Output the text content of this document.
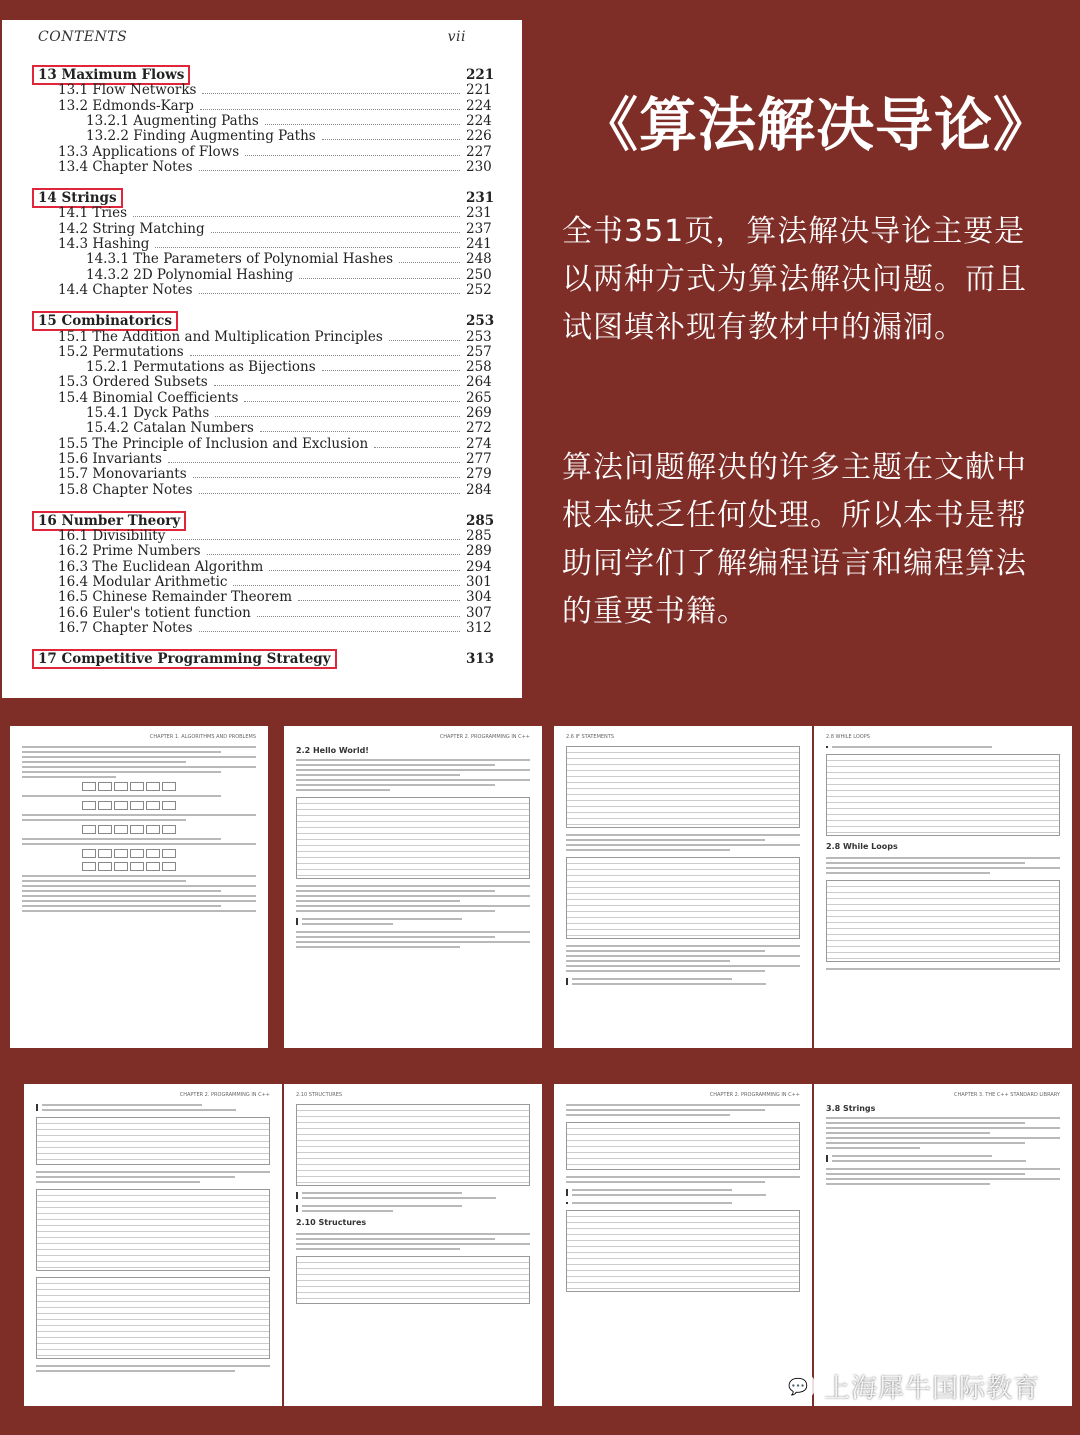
CONTENTS	vii
13 Maximum Flows	221
13.1 Flow Networks	221
13.2 Edmonds-Karp	224
13.2.1 Augmenting Paths	224
13.2.2 Finding Augmenting Paths	226
13.3 Applications of Flows	227
13.4 Chapter Notes	230
14 Strings	231
14.1 Tries	231
14.2 String Matching	237
14.3 Hashing	241
14.3.1 The Parameters of Polynomial Hashes	248
14.3.2 2D Polynomial Hashing	250
14.4 Chapter Notes	252
15 Combinatorics	253
15.1 The Addition and Multiplication Principles	253
15.2 Permutations	257
15.2.1 Permutations as Bijections	258
15.3 Ordered Subsets	264
15.4 Binomial Coefficients	265
15.4.1 Dyck Paths	269
15.4.2 Catalan Numbers	272
15.5 The Principle of Inclusion and Exclusion	274
15.6 Invariants	277
15.7 Monovariants	279
15.8 Chapter Notes	284
16 Number Theory	285
16.1 Divisibility	285
16.2 Prime Numbers	289
16.3 The Euclidean Algorithm	294
16.4 Modular Arithmetic	301
16.5 Chinese Remainder Theorem	304
16.6 Euler's totient function	307
16.7 Chapter Notes	312
17 Competitive Programming Strategy	313
《算法解决导论》

全书351页，算法解决导论主要是以两种方式为算法解决问题。而且试图填补现有教材中的漏洞。

算法问题解决的许多主题在文献中根本缺乏任何处理。所以本书是帮助同学们了解编程语言和编程算法的重要书籍。

CHAPTER 1. ALGORITHMS AND PROBLEMS	CHAPTER 2. PROGRAMMING IN C++
2.2 Hello World!
2.6 IF STATEMENTS	2.8 WHILE LOOPS
2.8 While Loops
CHAPTER 2. PROGRAMMING IN C++	2.10 STRUCTURES
2.10 Structures
CHAPTER 2. PROGRAMMING IN C++	CHAPTER 3. THE C++ STANDARD LIBRARY
3.8 Strings
💬 上海犀牛国际教育
